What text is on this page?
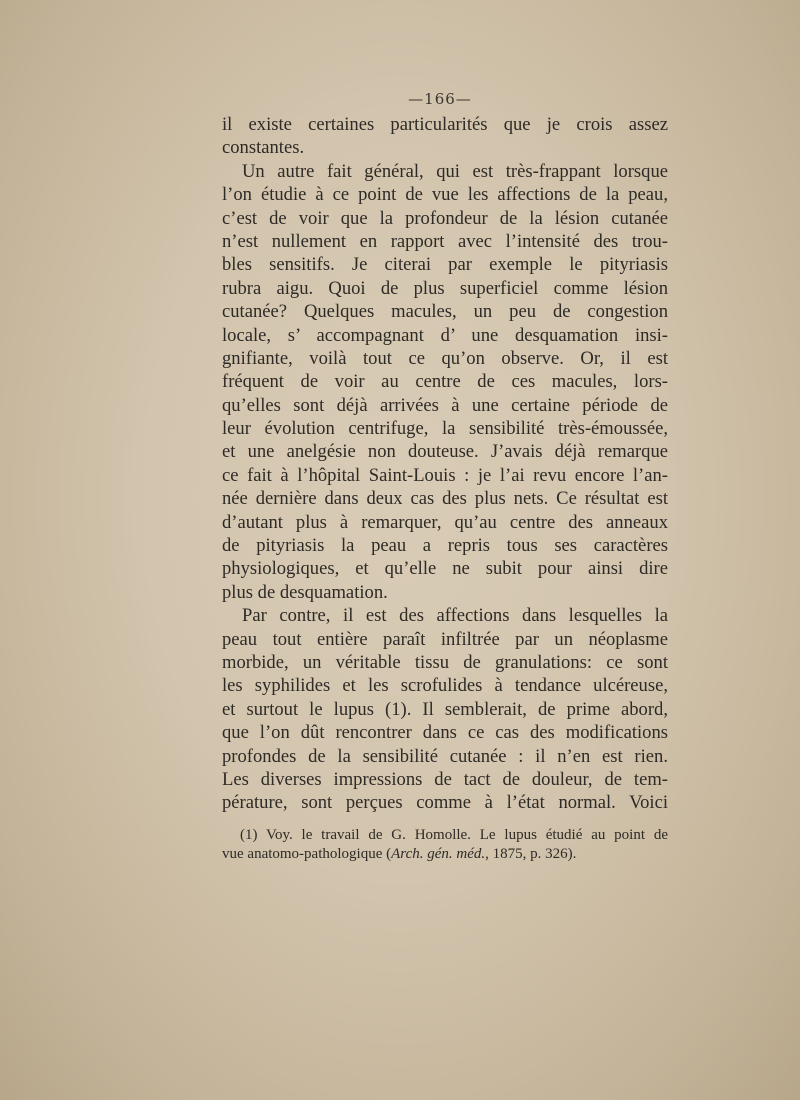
—166—
il existe certaines particularités que je crois assez
constantes.
Un autre fait général, qui est très-frappant lorsque
l’on étudie à ce point de vue les affections de la peau,
c’est de voir que la profondeur de la lésion cutanée
n’est nullement en rapport avec l’intensité des trou-
bles sensitifs. Je citerai par exemple le pityriasis
rubra aigu. Quoi de plus superficiel comme lésion
cutanée? Quelques macules, un peu de congestion
locale, s’ accompagnant d’ une desquamation insi-
gnifiante, voilà tout ce qu’on observe. Or, il est
fréquent de voir au centre de ces macules, lors-
qu’elles sont déjà arrivées à une certaine période de
leur évolution centrifuge, la sensibilité très-émoussée,
et une anelgésie non douteuse. J’avais déjà remarque
ce fait à l’hôpital Saint-Louis : je l’ai revu encore l’an-
née dernière dans deux cas des plus nets. Ce résultat est
d’autant plus à remarquer, qu’au centre des anneaux
de pityriasis la peau a repris tous ses caractères
physiologiques, et qu’elle ne subit pour ainsi dire
plus de desquamation.
Par contre, il est des affections dans lesquelles la
peau tout entière paraît infiltrée par un néoplasme
morbide, un véritable tissu de granulations: ce sont
les syphilides et les scrofulides à tendance ulcéreuse,
et surtout le lupus (1). Il semblerait, de prime abord,
que l’on dût rencontrer dans ce cas des modifications
profondes de la sensibilité cutanée : il n’en est rien.
Les diverses impressions de tact de douleur, de tem-
pérature, sont perçues comme à l’état normal. Voici
(1) Voy. le travail de G. Homolle. Le lupus étudié au point de
vue anatomo-pathologique (Arch. gén. méd., 1875, p. 326).
